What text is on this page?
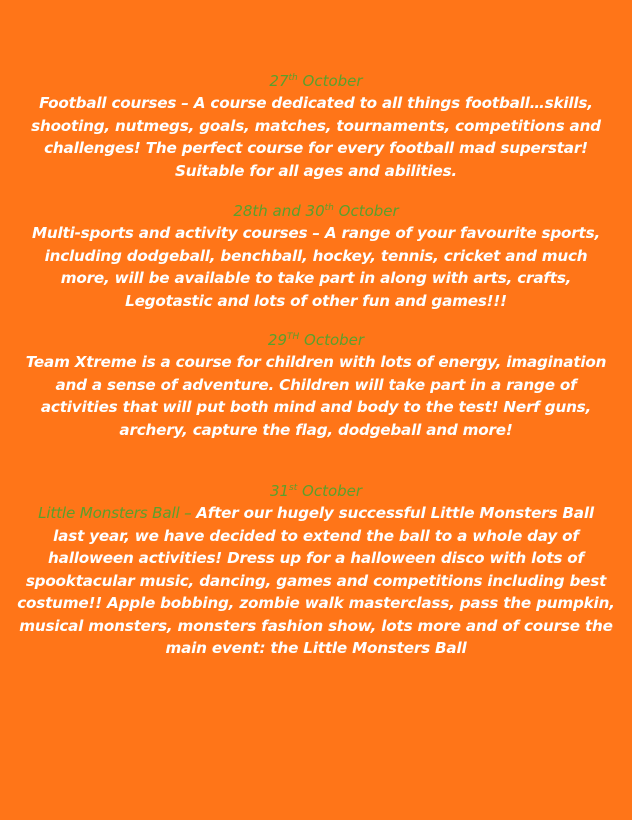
27th October
Football courses – A course dedicated to all things football…skills,
shooting, nutmegs, goals, matches, tournaments, competitions and
challenges! The perfect course for every football mad superstar!
Suitable for all ages and abilities.
28th and 30th October
Multi-sports and activity courses – A range of your favourite sports,
including dodgeball, benchball, hockey, tennis, cricket and much
more, will be available to take part in along with arts, crafts,
Legotastic and lots of other fun and games!!!
29TH October
Team Xtreme is a course for children with lots of energy, imagination
and a sense of adventure. Children will take part in a range of
activities that will put both mind and body to the test! Nerf guns,
archery, capture the flag, dodgeball and more!
31st October
Little Monsters Ball – After our hugely successful Little Monsters Ball
last year, we have decided to extend the ball to a whole day of
halloween activities! Dress up for a halloween disco with lots of
spooktacular music, dancing, games and competitions including best
costume!! Apple bobbing, zombie walk masterclass, pass the pumpkin,
musical monsters, monsters fashion show, lots more and of course the
main event: the Little Monsters Ball
